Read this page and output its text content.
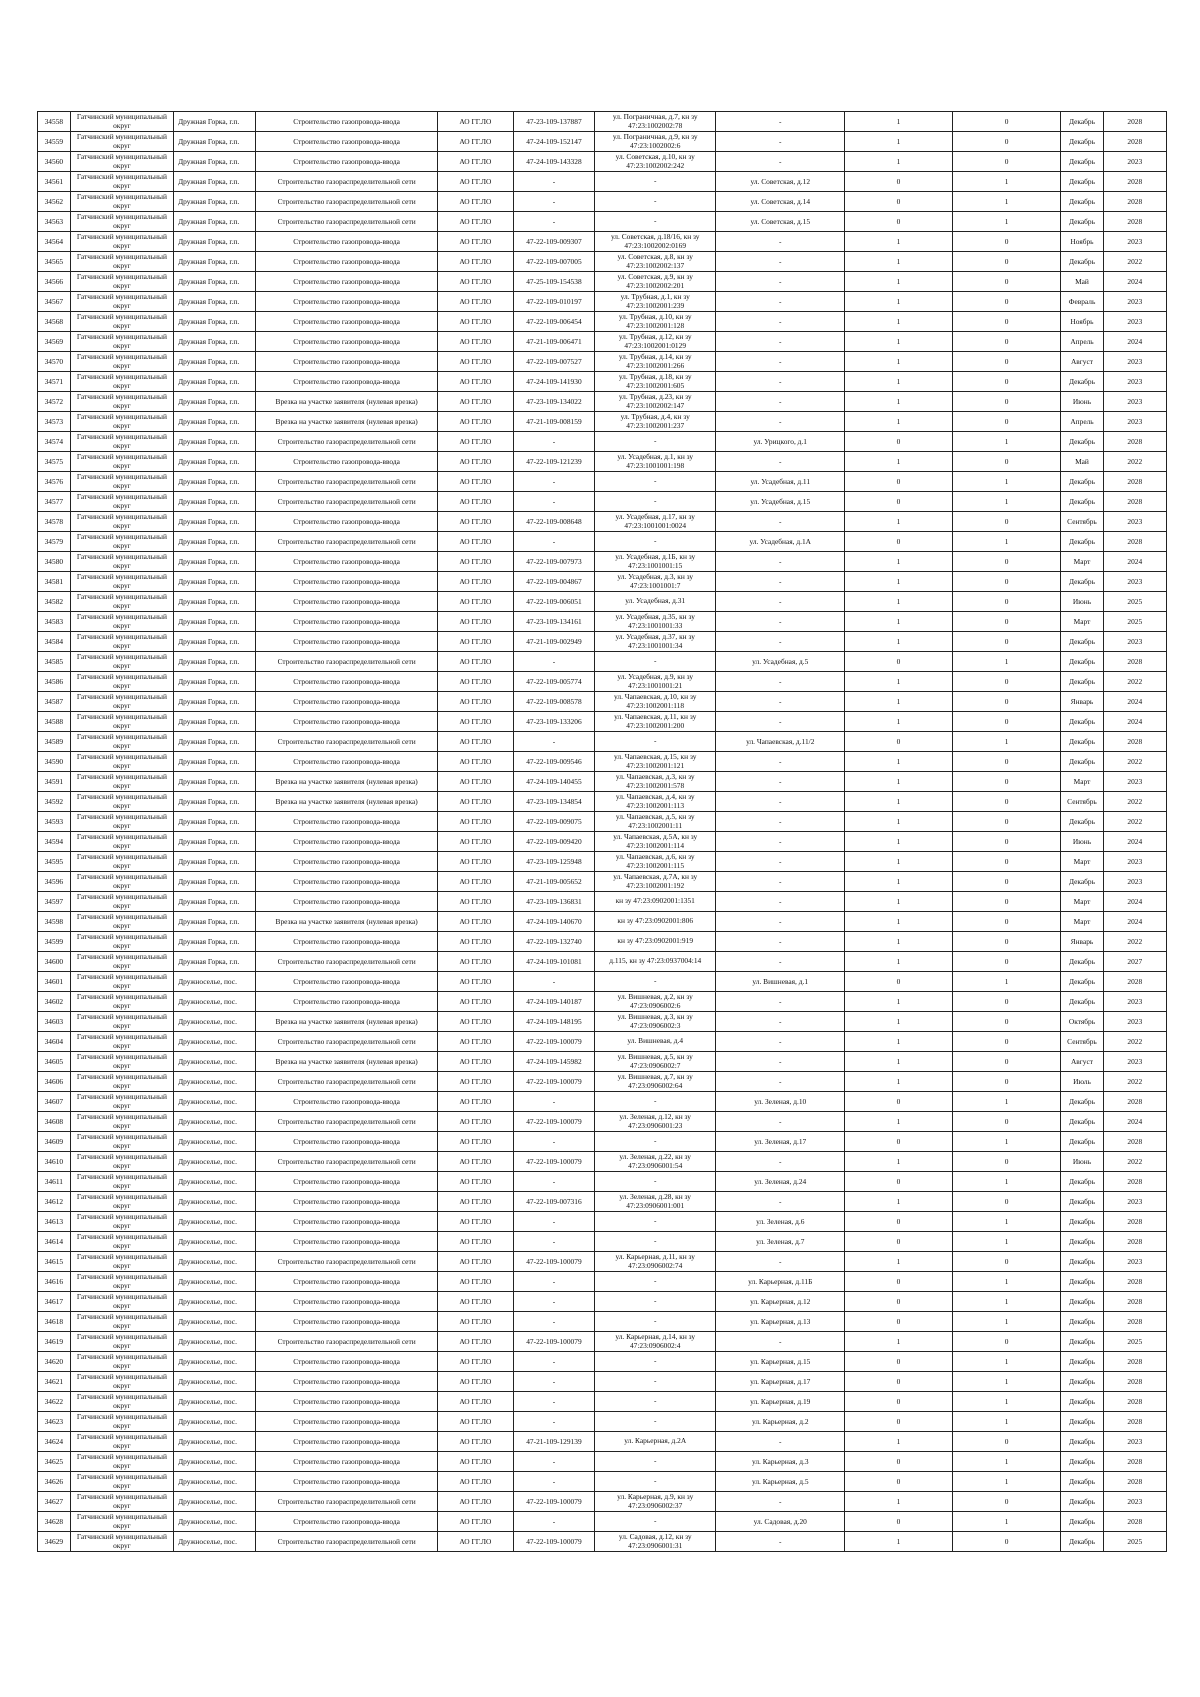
34558	Гатчинский муниципальный округ	Дружная Горка, г.п.	Строительство газопровода-ввода	АО ГГ.ЛО	47-23-109-137887	ул. Пограничная, д.7, кн зу 47:23:1002002:78	-	1	0	Декабрь	2028
34559	Гатчинский муниципальный округ	Дружная Горка, г.п.	Строительство газопровода-ввода	АО ГГ.ЛО	47-24-109-152147	ул. Пограничная, д.9, кн зу 47:23:1002002:6	-	1	0	Декабрь	2028
34560	Гатчинский муниципальный округ	Дружная Горка, г.п.	Строительство газопровода-ввода	АО ГГ.ЛО	47-24-109-143328	ул. Советская, д.10, кн зу 47:23:1002002:242	-	1	0	Декабрь	2023
34561	Гатчинский муниципальный округ	Дружная Горка, г.п.	Строительство газораспределительной сети	АО ГГ.ЛО	-	-	ул. Советская, д.12	0	1	Декабрь	2028
34562	Гатчинский муниципальный округ	Дружная Горка, г.п.	Строительство газораспределительной сети	АО ГГ.ЛО	-	-	ул. Советская, д.14	0	1	Декабрь	2028
34563	Гатчинский муниципальный округ	Дружная Горка, г.п.	Строительство газораспределительной сети	АО ГГ.ЛО	-	-	ул. Советская, д.15	0	1	Декабрь	2028
34564	Гатчинский муниципальный округ	Дружная Горка, г.п.	Строительство газопровода-ввода	АО ГГ.ЛО	47-22-109-009307	ул. Советская, д.18/16, кн зу 47:23:1002002:0169	-	1	0	Ноябрь	2023
34565	Гатчинский муниципальный округ	Дружная Горка, г.п.	Строительство газопровода-ввода	АО ГГ.ЛО	47-22-109-007005	ул. Советская, д.8, кн зу 47:23:1002002:137	-	1	0	Декабрь	2022
34566	Гатчинский муниципальный округ	Дружная Горка, г.п.	Строительство газопровода-ввода	АО ГГ.ЛО	47-25-109-154538	ул. Советская, д.9, кн зу 47:23:1002002:201	-	1	0	Май	2024
34567	Гатчинский муниципальный округ	Дружная Горка, г.п.	Строительство газопровода-ввода	АО ГГ.ЛО	47-22-109-010197	ул. Трубная, д.1, кн зу 47:23:1002001:239	-	1	0	Февраль	2023
34568	Гатчинский муниципальный округ	Дружная Горка, г.п.	Строительство газопровода-ввода	АО ГГ.ЛО	47-22-109-006454	ул. Трубная, д.10, кн зу 47:23:1002001:128	-	1	0	Ноябрь	2023
34569	Гатчинский муниципальный округ	Дружная Горка, г.п.	Строительство газопровода-ввода	АО ГГ.ЛО	47-21-109-006471	ул. Трубная, д.12, кн зу 47:23:1002001:0129	-	1	0	Апрель	2024
34570	Гатчинский муниципальный округ	Дружная Горка, г.п.	Строительство газопровода-ввода	АО ГГ.ЛО	47-22-109-007527	ул. Трубная, д.14, кн зу 47:23:1002001:266	-	1	0	Август	2023
34571	Гатчинский муниципальный округ	Дружная Горка, г.п.	Строительство газопровода-ввода	АО ГГ.ЛО	47-24-109-141930	ул. Трубная, д.18, кн зу 47:23:1002001:605	-	1	0	Декабрь	2023
34572	Гатчинский муниципальный округ	Дружная Горка, г.п.	Врезка на участке заявителя (нулевая врезка)	АО ГГ.ЛО	47-23-109-134022	ул. Трубная, д.23, кн зу 47:23:1002002:147	-	1	0	Июнь	2023
34573	Гатчинский муниципальный округ	Дружная Горка, г.п.	Врезка на участке заявителя (нулевая врезка)	АО ГГ.ЛО	47-21-109-008159	ул. Трубная, д.4, кн зу 47:23:1002001:237	-	1	0	Апрель	2023
34574	Гатчинский муниципальный округ	Дружная Горка, г.п.	Строительство газораспределительной сети	АО ГГ.ЛО	-	-	ул. Урицкого, д.1	0	1	Декабрь	2028
34575	Гатчинский муниципальный округ	Дружная Горка, г.п.	Строительство газопровода-ввода	АО ГГ.ЛО	47-22-109-121239	ул. Усадебная, д.1, кн зу 47:23:1001001:198	-	1	0	Май	2022
34576	Гатчинский муниципальный округ	Дружная Горка, г.п.	Строительство газораспределительной сети	АО ГГ.ЛО	-	-	ул. Усадебная, д.11	0	1	Декабрь	2028
34577	Гатчинский муниципальный округ	Дружная Горка, г.п.	Строительство газораспределительной сети	АО ГГ.ЛО	-	-	ул. Усадебная, д.15	0	1	Декабрь	2028
34578	Гатчинский муниципальный округ	Дружная Горка, г.п.	Строительство газопровода-ввода	АО ГГ.ЛО	47-22-109-008648	ул. Усадебная, д.17, кн зу 47:23:1001001:0024	-	1	0	Сентябрь	2023
34579	Гатчинский муниципальный округ	Дружная Горка, г.п.	Строительство газораспределительной сети	АО ГГ.ЛО	-	-	ул. Усадебная, д.1А	0	1	Декабрь	2028
34580	Гатчинский муниципальный округ	Дружная Горка, г.п.	Строительство газопровода-ввода	АО ГГ.ЛО	47-22-109-007973	ул. Усадебная, д.1Б, кн зу 47:23:1001001:15	-	1	0	Март	2024
34581	Гатчинский муниципальный округ	Дружная Горка, г.п.	Строительство газопровода-ввода	АО ГГ.ЛО	47-22-109-004867	ул. Усадебная, д.3, кн зу 47:23:1001001:7	-	1	0	Декабрь	2023
34582	Гатчинский муниципальный округ	Дружная Горка, г.п.	Строительство газопровода-ввода	АО ГГ.ЛО	47-22-109-006051	ул. Усадебная, д.31	-	1	0	Июнь	2025
34583	Гатчинский муниципальный округ	Дружная Горка, г.п.	Строительство газопровода-ввода	АО ГГ.ЛО	47-23-109-134161	ул. Усадебная, д.35, кн зу 47:23:1001001:33	-	1	0	Март	2025
34584	Гатчинский муниципальный округ	Дружная Горка, г.п.	Строительство газопровода-ввода	АО ГГ.ЛО	47-21-109-002949	ул. Усадебная, д.37, кн зу 47:23:1001001:34	-	1	0	Декабрь	2023
34585	Гатчинский муниципальный округ	Дружная Горка, г.п.	Строительство газораспределительной сети	АО ГГ.ЛО	-	-	ул. Усадебная, д.5	0	1	Декабрь	2028
34586	Гатчинский муниципальный округ	Дружная Горка, г.п.	Строительство газопровода-ввода	АО ГГ.ЛО	47-22-109-005774	ул. Усадебная, д.9, кн зу 47:23:1001001:21	-	1	0	Декабрь	2022
34587	Гатчинский муниципальный округ	Дружная Горка, г.п.	Строительство газопровода-ввода	АО ГГ.ЛО	47-22-109-008578	ул. Чапаевская, д.10, кн зу 47:23:1002001:118	-	1	0	Январь	2024
34588	Гатчинский муниципальный округ	Дружная Горка, г.п.	Строительство газопровода-ввода	АО ГГ.ЛО	47-23-109-133206	ул. Чапаевская, д.11, кн зу 47:23:1002001:200	-	1	0	Декабрь	2024
34589	Гатчинский муниципальный округ	Дружная Горка, г.п.	Строительство газораспределительной сети	АО ГГ.ЛО	-	-	ул. Чапаевская, д.11/2	0	1	Декабрь	2028
34590	Гатчинский муниципальный округ	Дружная Горка, г.п.	Строительство газопровода-ввода	АО ГГ.ЛО	47-22-109-009546	ул. Чапаевская, д.15, кн зу 47:23:1002001:121	-	1	0	Декабрь	2022
34591	Гатчинский муниципальный округ	Дружная Горка, г.п.	Врезка на участке заявителя (нулевая врезка)	АО ГГ.ЛО	47-24-109-140455	ул. Чапаевская, д.3, кн зу 47:23:1002001:578	-	1	0	Март	2023
34592	Гатчинский муниципальный округ	Дружная Горка, г.п.	Врезка на участке заявителя (нулевая врезка)	АО ГГ.ЛО	47-23-109-134854	ул. Чапаевская, д.4, кн зу 47:23:1002001:113	-	1	0	Сентябрь	2022
34593	Гатчинский муниципальный округ	Дружная Горка, г.п.	Строительство газопровода-ввода	АО ГГ.ЛО	47-22-109-009075	ул. Чапаевская, д.5, кн зу 47:23:1002001:11	-	1	0	Декабрь	2022
34594	Гатчинский муниципальный округ	Дружная Горка, г.п.	Строительство газопровода-ввода	АО ГГ.ЛО	47-22-109-009420	ул. Чапаевская, д.5А, кн зу 47:23:1002001:114	-	1	0	Июнь	2024
34595	Гатчинский муниципальный округ	Дружная Горка, г.п.	Строительство газопровода-ввода	АО ГГ.ЛО	47-23-109-125948	ул. Чапаевская, д.6, кн зу 47:23:1002001:115	-	1	0	Март	2023
34596	Гатчинский муниципальный округ	Дружная Горка, г.п.	Строительство газопровода-ввода	АО ГГ.ЛО	47-21-109-005652	ул. Чапаевская, д.7А, кн зу 47:23:1002001:192	-	1	0	Декабрь	2023
34597	Гатчинский муниципальный округ	Дружная Горка, г.п.	Строительство газопровода-ввода	АО ГГ.ЛО	47-23-109-136831	кн зу 47:23:0902001:1351	-	1	0	Март	2024
34598	Гатчинский муниципальный округ	Дружная Горка, г.п.	Врезка на участке заявителя (нулевая врезка)	АО ГГ.ЛО	47-24-109-140670	кн зу 47:23:0902001:806	-	1	0	Март	2024
34599	Гатчинский муниципальный округ	Дружная Горка, г.п.	Строительство газопровода-ввода	АО ГГ.ЛО	47-22-109-132740	кн зу 47:23:0902001:919	-	1	0	Январь	2022
34600	Гатчинский муниципальный округ	Дружная Горка, г.п.	Строительство газораспределительной сети	АО ГГ.ЛО	47-24-109-101081	д.115, кн зу 47:23:0937004:14	-	1	0	Декабрь	2027
34601	Гатчинский муниципальный округ	Дружноселье, пос.	Строительство газопровода-ввода	АО ГГ.ЛО	-	-	ул. Вишневая, д.1	0	1	Декабрь	2028
34602	Гатчинский муниципальный округ	Дружноселье, пос.	Строительство газопровода-ввода	АО ГГ.ЛО	47-24-109-140187	ул. Вишневая, д.2, кн зу 47:23:0906002:6	-	1	0	Декабрь	2023
34603	Гатчинский муниципальный округ	Дружноселье, пос.	Врезка на участке заявителя (нулевая врезка)	АО ГГ.ЛО	47-24-109-148195	ул. Вишневая, д.3, кн зу 47:23:0906002:3	-	1	0	Октябрь	2023
34604	Гатчинский муниципальный округ	Дружноселье, пос.	Строительство газораспределительной сети	АО ГГ.ЛО	47-22-109-100079	ул. Вишневая, д.4	-	1	0	Сентябрь	2022
34605	Гатчинский муниципальный округ	Дружноселье, пос.	Врезка на участке заявителя (нулевая врезка)	АО ГГ.ЛО	47-24-109-145982	ул. Вишневая, д.5, кн зу 47:23:0906002:7	-	1	0	Август	2023
34606	Гатчинский муниципальный округ	Дружноселье, пос.	Строительство газораспределительной сети	АО ГГ.ЛО	47-22-109-100079	ул. Вишневая, д.7, кн зу 47:23:0906002:64	-	1	0	Июль	2022
34607	Гатчинский муниципальный округ	Дружноселье, пос.	Строительство газопровода-ввода	АО ГГ.ЛО	-	-	ул. Зеленая, д.10	0	1	Декабрь	2028
34608	Гатчинский муниципальный округ	Дружноселье, пос.	Строительство газораспределительной сети	АО ГГ.ЛО	47-22-109-100079	ул. Зеленая, д.12, кн зу 47:23:0906001:23	-	1	0	Декабрь	2024
34609	Гатчинский муниципальный округ	Дружноселье, пос.	Строительство газопровода-ввода	АО ГГ.ЛО	-	-	ул. Зеленая, д.17	0	1	Декабрь	2028
34610	Гатчинский муниципальный округ	Дружноселье, пос.	Строительство газораспределительной сети	АО ГГ.ЛО	47-22-109-100079	ул. Зеленая, д.22, кн зу 47:23:0906001:54	-	1	0	Июнь	2022
34611	Гатчинский муниципальный округ	Дружноселье, пос.	Строительство газопровода-ввода	АО ГГ.ЛО	-	-	ул. Зеленая, д.24	0	1	Декабрь	2028
34612	Гатчинский муниципальный округ	Дружноселье, пос.	Строительство газопровода-ввода	АО ГГ.ЛО	47-22-109-007316	ул. Зеленая, д.28, кн зу 47:23:0906001:001	-	1	0	Декабрь	2023
34613	Гатчинский муниципальный округ	Дружноселье, пос.	Строительство газопровода-ввода	АО ГГ.ЛО	-	-	ул. Зеленая, д.6	0	1	Декабрь	2028
34614	Гатчинский муниципальный округ	Дружноселье, пос.	Строительство газопровода-ввода	АО ГГ.ЛО	-	-	ул. Зеленая, д.7	0	1	Декабрь	2028
34615	Гатчинский муниципальный округ	Дружноселье, пос.	Строительство газораспределительной сети	АО ГГ.ЛО	47-22-109-100079	ул. Карьерная, д.11, кн зу 47:23:0906002:74	-	1	0	Декабрь	2023
34616	Гатчинский муниципальный округ	Дружноселье, пос.	Строительство газопровода-ввода	АО ГГ.ЛО	-	-	ул. Карьерная, д.11Б	0	1	Декабрь	2028
34617	Гатчинский муниципальный округ	Дружноселье, пос.	Строительство газопровода-ввода	АО ГГ.ЛО	-	-	ул. Карьерная, д.12	0	1	Декабрь	2028
34618	Гатчинский муниципальный округ	Дружноселье, пос.	Строительство газопровода-ввода	АО ГГ.ЛО	-	-	ул. Карьерная, д.13	0	1	Декабрь	2028
34619	Гатчинский муниципальный округ	Дружноселье, пос.	Строительство газораспределительной сети	АО ГГ.ЛО	47-22-109-100079	ул. Карьерная, д.14, кн зу 47:23:0906002:4	-	1	0	Декабрь	2025
34620	Гатчинский муниципальный округ	Дружноселье, пос.	Строительство газопровода-ввода	АО ГГ.ЛО	-	-	ул. Карьерная, д.15	0	1	Декабрь	2028
34621	Гатчинский муниципальный округ	Дружноселье, пос.	Строительство газопровода-ввода	АО ГГ.ЛО	-	-	ул. Карьерная, д.17	0	1	Декабрь	2028
34622	Гатчинский муниципальный округ	Дружноселье, пос.	Строительство газопровода-ввода	АО ГГ.ЛО	-	-	ул. Карьерная, д.19	0	1	Декабрь	2028
34623	Гатчинский муниципальный округ	Дружноселье, пос.	Строительство газопровода-ввода	АО ГГ.ЛО	-	-	ул. Карьерная, д.2	0	1	Декабрь	2028
34624	Гатчинский муниципальный округ	Дружноселье, пос.	Строительство газопровода-ввода	АО ГГ.ЛО	47-21-109-129139	ул. Карьерная, д.2А	-	1	0	Декабрь	2023
34625	Гатчинский муниципальный округ	Дружноселье, пос.	Строительство газопровода-ввода	АО ГГ.ЛО	-	-	ул. Карьерная, д.3	0	1	Декабрь	2028
34626	Гатчинский муниципальный округ	Дружноселье, пос.	Строительство газопровода-ввода	АО ГГ.ЛО	-	-	ул. Карьерная, д.5	0	1	Декабрь	2028
34627	Гатчинский муниципальный округ	Дружноселье, пос.	Строительство газораспределительной сети	АО ГГ.ЛО	47-22-109-100079	ул. Карьерная, д.9, кн зу 47:23:0906002:37	-	1	0	Декабрь	2023
34628	Гатчинский муниципальный округ	Дружноселье, пос.	Строительство газопровода-ввода	АО ГГ.ЛО	-	-	ул. Садовая, д.20	0	1	Декабрь	2028
34629	Гатчинский муниципальный округ	Дружноселье, пос.	Строительство газораспределительной сети	АО ГГ.ЛО	47-22-109-100079	ул. Садовая, д.12, кн зу 47:23:0906001:31	-	1	0	Декабрь	2025
